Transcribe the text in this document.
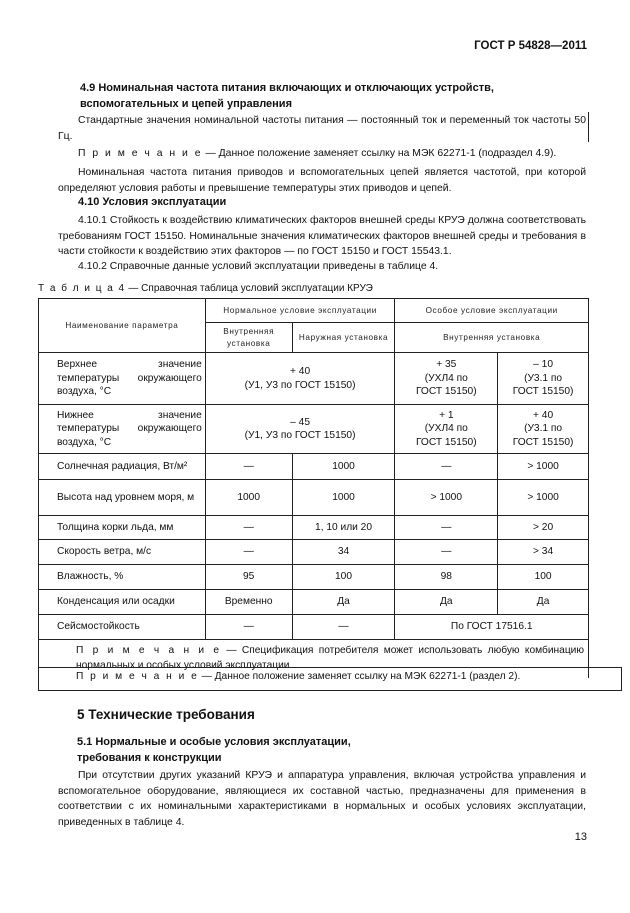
ГОСТ Р 54828—2011
4.9 Номинальная частота питания включающих и отключающих устройств,
вспомогательных и цепей управления
Стандартные значения номинальной частоты питания — постоянный ток и переменный ток частоты 50 Гц.
П р и м е ч а н и е — Данное положение заменяет ссылку на МЭК 62271-1 (подраздел 4.9).
Номинальная частота питания приводов и вспомогательных цепей является частотой, при которой определяют условия работы и превышение температуры этих приводов и цепей.
4.10 Условия эксплуатации
4.10.1 Стойкость к воздействию климатических факторов внешней среды КРУЭ должна соответствовать требованиям ГОСТ 15150. Номинальные значения климатических факторов внешней среды и требования в части стойкости к воздействию этих факторов — по ГОСТ 15150 и ГОСТ 15543.1.
4.10.2 Справочные данные условий эксплуатации приведены в таблице 4.
Т а б л и ц а 4 — Справочная таблица условий эксплуатации КРУЭ
Наименование параметра	Нормальное условие эксплуатации		Особое условие эксплуатации	
	Внутренняя установка	Наружная установка	Внутренняя установка	
Верхнее значение температуры окружающего воздуха, °С	+ 40
(У1, У3 по ГОСТ 15150)		+ 35
(УХЛ4 по
ГОСТ 15150)	– 10
(У3.1 по
ГОСТ 15150)
Нижнее значение температуры окружающего воздуха, °С	– 45
(У1, У3 по ГОСТ 15150)		+ 1
(УХЛ4 по
ГОСТ 15150)	+ 40
(У3.1 по
ГОСТ 15150)
Солнечная радиация, Вт/м²	—	1000	—	> 1000
Высота над уровнем моря, м	1000	1000	> 1000	> 1000
Толщина корки льда, мм	—	1, 10 или 20	—	> 20
Скорость ветра, м/с	—	34	—	> 34
Влажность, %	95	100	98	100
Конденсация или осадки	Временно	Да	Да	Да
Сейсмостойкость	—	—	По ГОСТ 17516.1	
П р и м е ч а н и е — Спецификация потребителя может использовать любую комбинацию нормальных и особых условий эксплуатации.				
П р и м е ч а н и е — Данное положение заменяет ссылку на МЭК 62271-1 (раздел 2).
5 Технические требования
5.1 Нормальные и особые условия эксплуатации,
требования к конструкции
При отсутствии других указаний КРУЭ и аппаратура управления, включая устройства управления и вспомогательное оборудование, являющиеся их составной частью, предназначены для применения в соответствии с их номинальными характеристиками в нормальных и особых условиях эксплуатации, приведенных в таблице 4.
13
